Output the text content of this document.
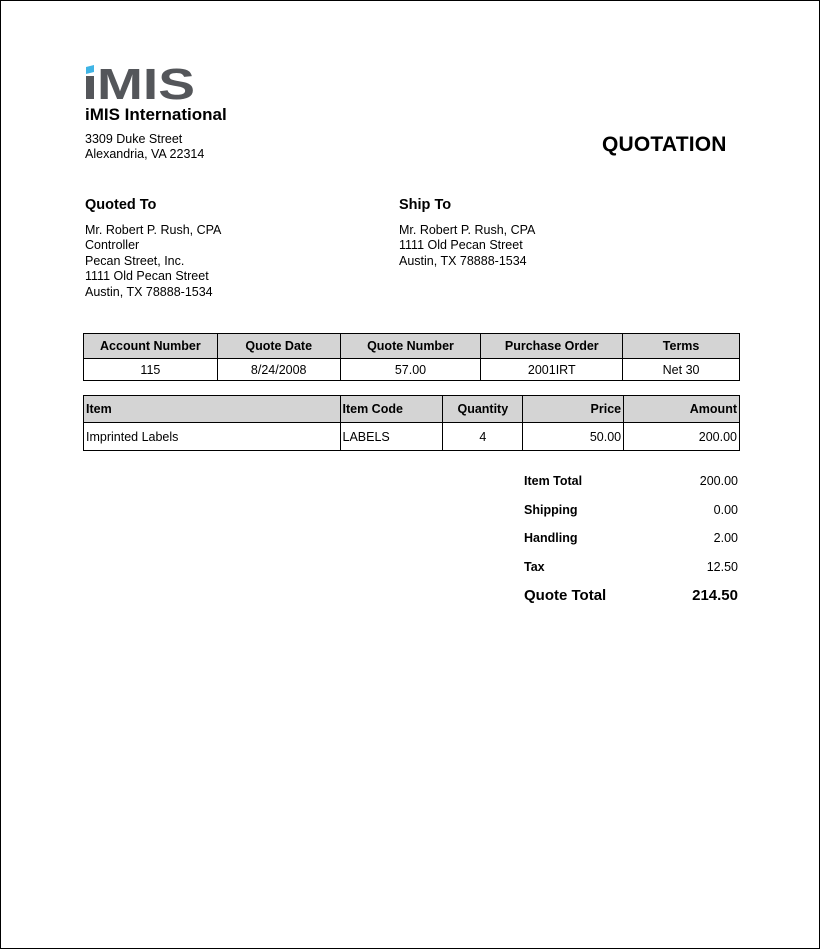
MIS
iMIS International
3309 Duke Street
Alexandria, VA 22314	QUOTATION
Quoted To
Mr. Robert P. Rush, CPA
Controller
Pecan Street, Inc.
1111 Old Pecan Street
Austin, TX 78888-1534
Ship To
Mr. Robert P. Rush, CPA
1111 Old Pecan Street
Austin, TX 78888-1534
Account Number	Quote Date	Quote Number	Purchase Order	Terms
115	8/24/2008	57.00	2001IRT	Net 30
Item	Item Code	Quantity	Price	Amount
Imprinted Labels	LABELS	4	50.00	200.00
Item Total	200.00
Shipping	0.00
Handling	2.00
Tax	12.50
Quote Total	214.50
